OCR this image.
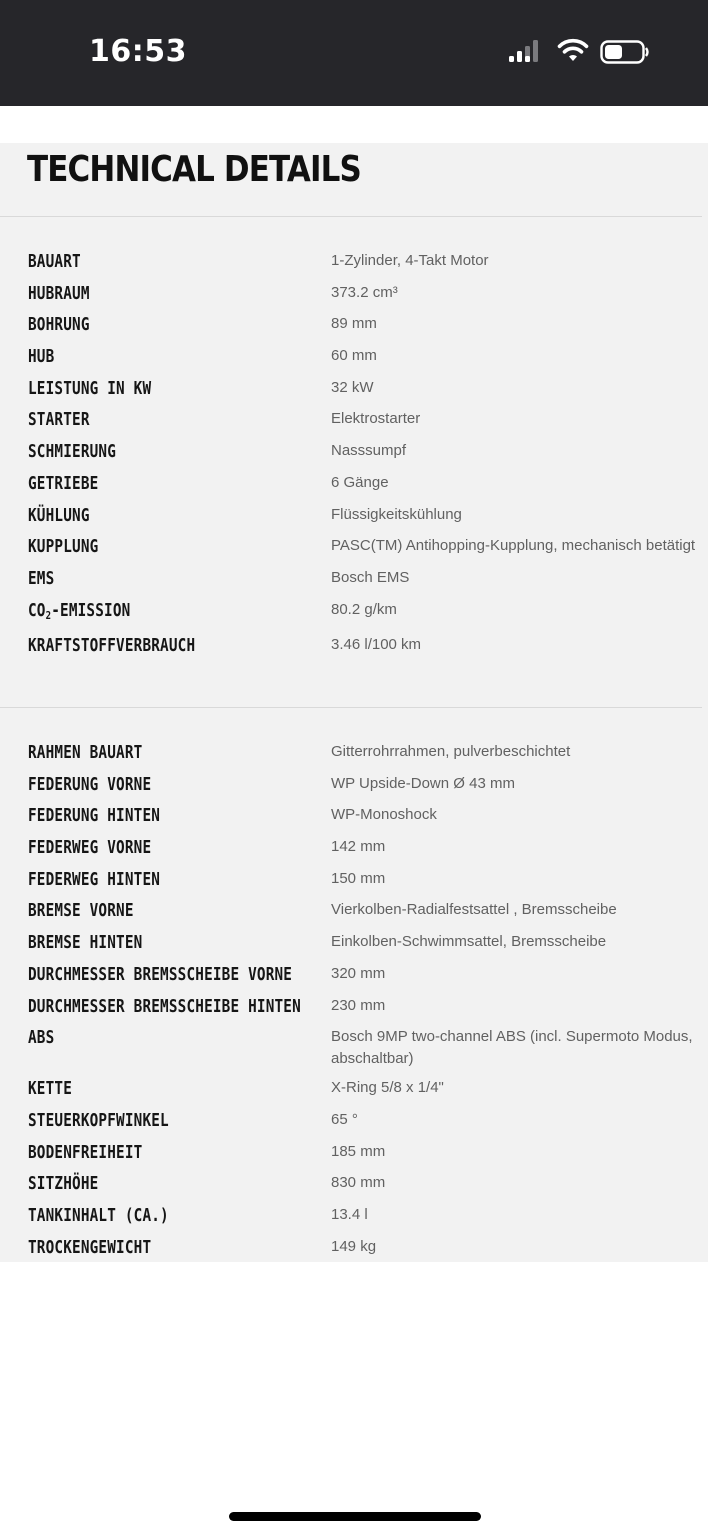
16:53
TECHNICAL DETAILS
BAUART	1-Zylinder, 4-Takt Motor
HUBRAUM	373.2 cm³
BOHRUNG	89 mm
HUB	60 mm
LEISTUNG IN KW	32 kW
STARTER	Elektrostarter
SCHMIERUNG	Nasssumpf
GETRIEBE	6 Gänge
KÜHLUNG	Flüssigkeitskühlung
KUPPLUNG	PASC(TM) Antihopping-Kupplung, mechanisch betätigt
EMS	Bosch EMS
$CO_2$-EMISSION	80.2 g/km
KRAFTSTOFFVERBRAUCH	3.46 l/100 km
RAHMEN BAUART	Gitterrohrrahmen, pulverbeschichtet
FEDERUNG VORNE	WP Upside-Down Ø 43 mm
FEDERUNG HINTEN	WP-Monoshock
FEDERWEG VORNE	142 mm
FEDERWEG HINTEN	150 mm
BREMSE VORNE	Vierkolben-Radialfestsattel , Bremsscheibe
BREMSE HINTEN	Einkolben-Schwimmsattel, Bremsscheibe
DURCHMESSER BREMSSCHEIBE VORNE	320 mm
DURCHMESSER BREMSSCHEIBE HINTEN 230 mm
ABS	Bosch 9MP two-channel ABS (incl. Supermoto Modus, abschaltbar)
KETTE	X-Ring 5/8 x 1/4"
STEUERKOPFWINKEL	65 °
BODENFREIHEIT	185 mm
SITZHÖHE	830 mm
TANKINHALT (CA.)	13.4 l
TROCKENGEWICHT	149 kg
